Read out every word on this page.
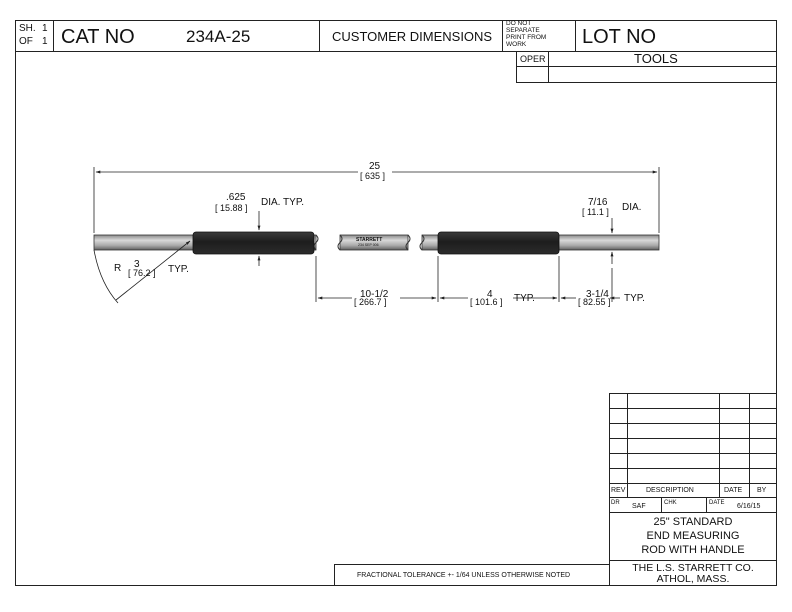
SH. 1
OF 1 CAT NO	234A-25	CUSTOMER DIMENSIONS
DO NOT
SEPARATE
PRINT FROM
WORK	LOT NO
OPER	TOOLS
25
[ 635 ]
.625
[ 15.88 ] DIA. TYP.	7/16
[ 11.1 ] DIA.
R 3
[ 76.2 ] TYP.
10-1/2
[ 266.7 ]
4
[ 101.6 ] TYP.	3-1/4
[ 82.55 ] TYP.
STARRETT
234 SEP 006
REV	DESCRIPTION	DATE BY
DR SAF	CHK	DATE 6/16/15
25" STANDARD
END MEASURING
ROD WITH HANDLE
THE L.S. STARRETT CO.
ATHOL, MASS.
FRACTIONAL TOLERANCE +- 1/64 UNLESS OTHERWISE NOTED
